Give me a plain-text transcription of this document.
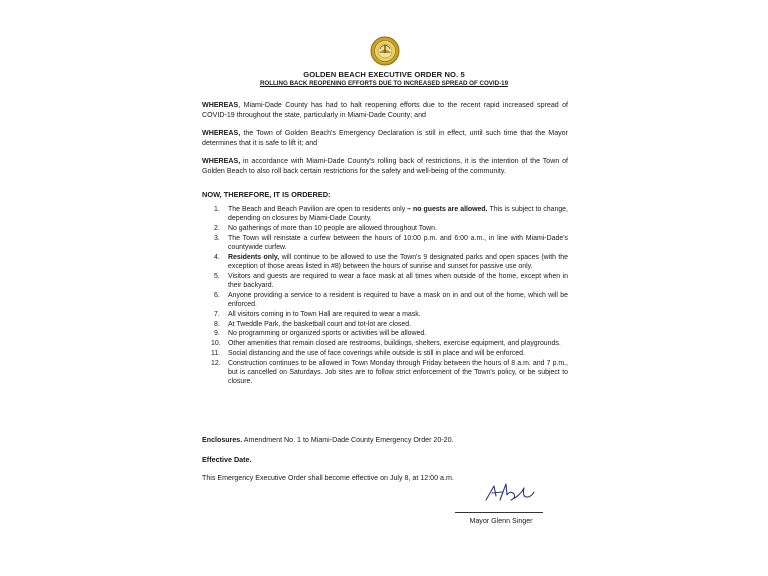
GOLDEN BEACH EXECUTIVE ORDER NO. 5
ROLLING BACK REOPENING EFFORTS DUE TO INCREASED SPREAD OF COVID-19
WHEREAS, Miami-Dade County has had to halt reopening efforts due to the recent rapid increased spread of COVID-19 throughout the state, particularly in Miami-Dade County; and
WHEREAS, the Town of Golden Beach's Emergency Declaration is still in effect, until such time that the Mayor determines that it is safe to lift it; and
WHEREAS, in accordance with Miami-Dade County's rolling back of restrictions, it is the intention of the Town of Golden Beach to also roll back certain restrictions for the safety and well-being of the community.
NOW, THEREFORE, IT IS ORDERED:
1.	The Beach and Beach Pavilion are open to residents only – no guests are allowed. This is subject to change, depending on closures by Miami-Dade County.
2.	No gatherings of more than 10 people are allowed throughout Town.
3.	The Town will reinstate a curfew between the hours of 10:00 p.m. and 6:00 a.m., in line with Miami-Dade's countywide curfew.
4.	Residents only, will continue to be allowed to use the Town's 9 designated parks and open spaces (with the exception of those areas listed in #8) between the hours of sunrise and sunset for passive use only.
5.	Visitors and guests are required to wear a face mask at all times when outside of the home, except when in their backyard.
6.	Anyone providing a service to a resident is required to have a mask on in and out of the home, which will be enforced.
7.	All visitors coming in to Town Hall are required to wear a mask.
8.	At Tweddle Park, the basketball court and tot-lot are closed.
9.	No programming or organized sports or activities will be allowed.
10.	Other amenities that remain closed are restrooms, buildings, shelters, exercise equipment, and playgrounds.
11.	Social distancing and the use of face coverings while outside is still in place and will be enforced.
12.	Construction continues to be allowed in Town Monday through Friday between the hours of 8 a.m. and 7 p.m., but is cancelled on Saturdays. Job sites are to follow strict enforcement of the Town's policy, or be subject to closure.
Enclosures. Amendment No. 1 to Miami-Dade County Emergency Order 20-20.
Effective Date.
This Emergency Executive Order shall become effective on July 8, at 12:00 a.m.
Mayor Glenn Singer
